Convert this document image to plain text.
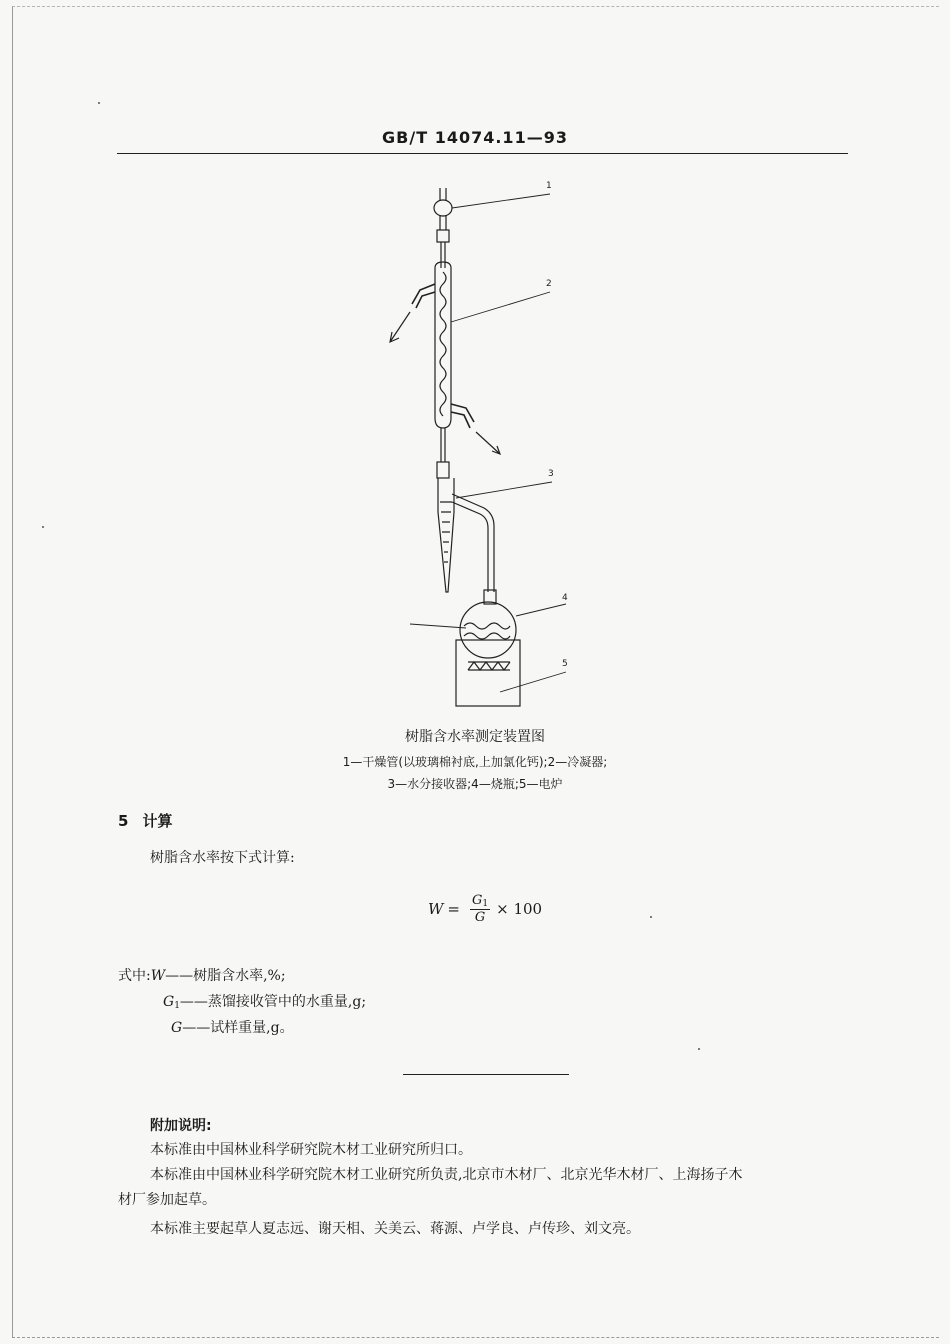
GB/T 14074.11—93
1
2
3
4
5
树脂含水率测定装置图
1—干燥管(以玻璃棉衬底,上加氯化钙);2—冷凝器;
3—水分接收器;4—烧瓶;5—电炉
5 计算
树脂含水率按下式计算:
$W = \frac{G_1}{G} \times 100$
式中:W——树脂含水率,%;
$G_1——$蒸馏接收管中的水重量,g;
G——试样重量,g。
附加说明:
本标准由中国林业科学研究院木材工业研究所归口。
本标准由中国林业科学研究院木材工业研究所负责,北京市木材厂、北京光华木材厂、上海扬子木
材厂参加起草。
本标准主要起草人夏志远、谢天相、关美云、蒋源、卢学良、卢传珍、刘文亮。
